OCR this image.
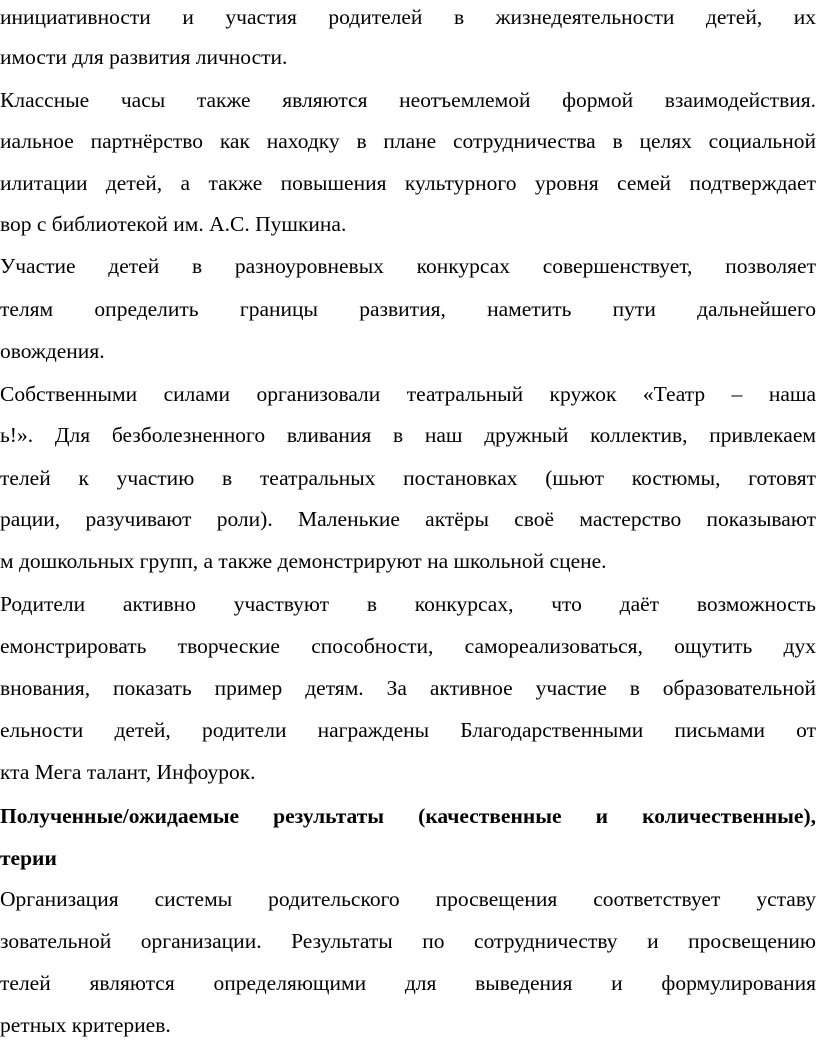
инициативности и участия родителей в жизнедеятельности детей, их
имости для развития личности.
Классные часы также являются неотъемлемой формой взаимодействия.
иальное партнёрство как находку в плане сотрудничества в целях социальной
илитации детей, а также повышения культурного уровня семей подтверждает
вор с библиотекой им. А.С. Пушкина.
Участие детей в разноуровневых конкурсах совершенствует, позволяет
телям определить границы развития, наметить пути дальнейшего
овождения.
Собственными силами организовали театральный кружок «Театр – наша
ь!». Для безболезненного вливания в наш дружный коллектив, привлекаем
телей к участию в театральных постановках (шьют костюмы, готовят
рации, разучивают роли). Маленькие актёры своё мастерство показывают
м дошкольных групп, а также демонстрируют на школьной сцене.
Родители активно участвуют в конкурсах, что даёт возможность
емонстрировать творческие способности, самореализоваться, ощутить дух
внования, показать пример детям. За активное участие в образовательной
ельности детей, родители награждены Благодарственными письмами от
кта Мега талант, Инфоурок.
Полученные/ожидаемые результаты (качественные и количественные),
терии
Организация системы родительского просвещения соответствует уставу
зовательной организации. Результаты по сотрудничеству и просвещению
телей являются определяющими для выведения и формулирования
ретных критериев.
